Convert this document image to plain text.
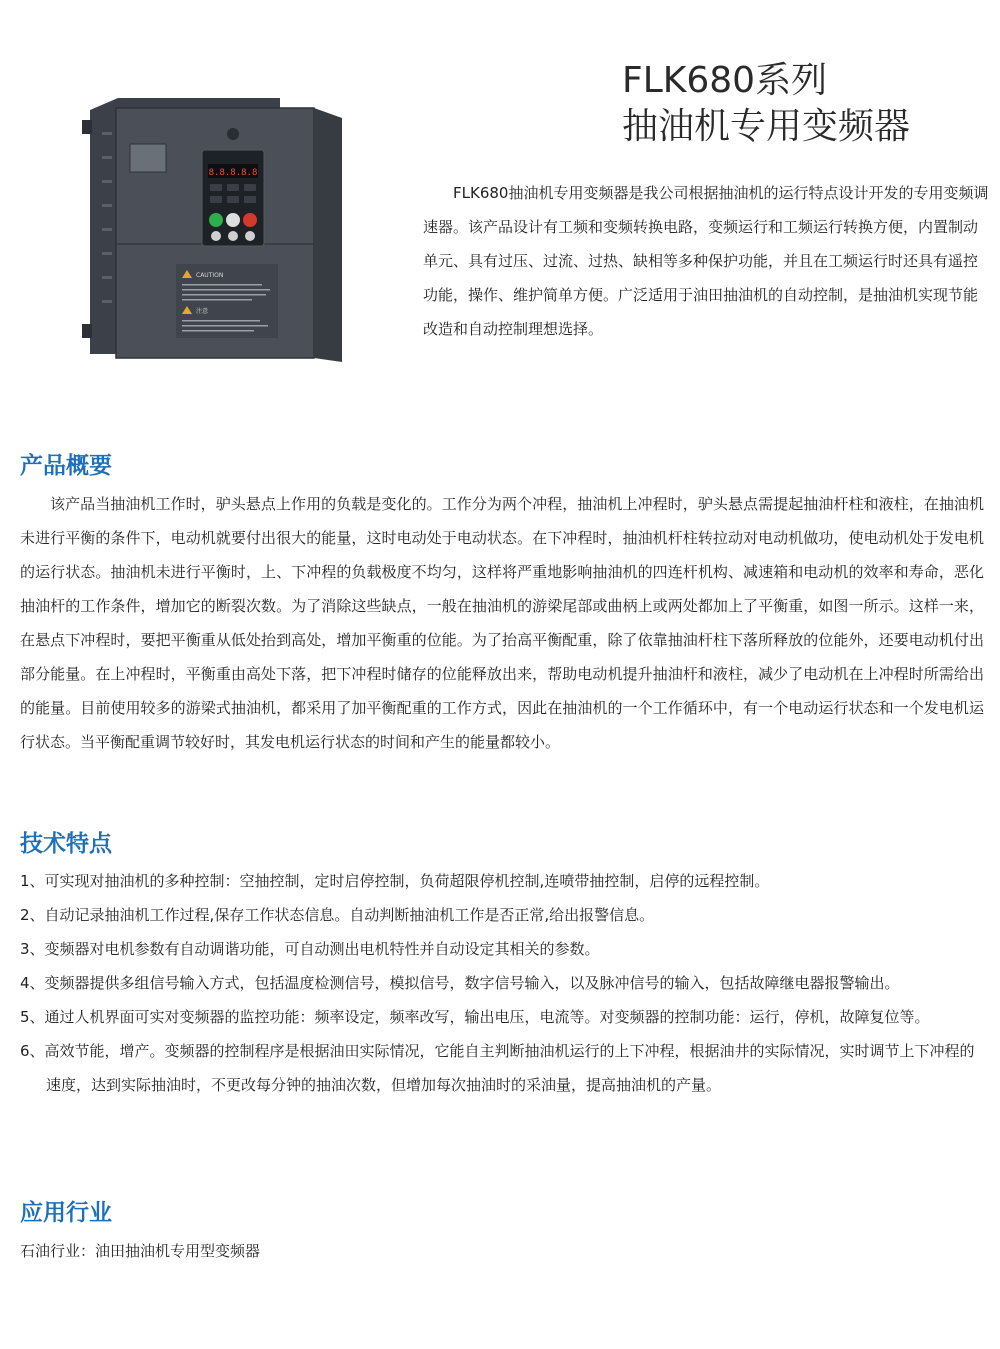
8.8.8.8.8
CAUTION
注意
FLK680系列
抽油机专用变频器

FLK680抽油机专用变频器是我公司根据抽油机的运行特点设计开发的专用变频调速器。该产品设计有工频和变频转换电路，变频运行和工频运行转换方便，内置制动单元、具有过压、过流、过热、缺相等多种保护功能，并且在工频运行时还具有遥控功能，操作、维护简单方便。广泛适用于油田抽油机的自动控制，是抽油机实现节能改造和自动控制理想选择。

产品概要

该产品当抽油机工作时，驴头悬点上作用的负载是变化的。工作分为两个冲程，抽油机上冲程时，驴头悬点需提起抽油杆柱和液柱，在抽油机未进行平衡的条件下，电动机就要付出很大的能量，这时电动处于电动状态。在下冲程时，抽油机杆柱转拉动对电动机做功，使电动机处于发电机的运行状态。抽油机未进行平衡时，上、下冲程的负载极度不均匀，这样将严重地影响抽油机的四连杆机构、减速箱和电动机的效率和寿命，恶化抽油杆的工作条件，增加它的断裂次数。为了消除这些缺点，一般在抽油机的游梁尾部或曲柄上或两处都加上了平衡重，如图一所示。这样一来，在悬点下冲程时，要把平衡重从低处抬到高处，增加平衡重的位能。为了抬高平衡配重，除了依靠抽油杆柱下落所释放的位能外，还要电动机付出部分能量。在上冲程时，平衡重由高处下落，把下冲程时储存的位能释放出来，帮助电动机提升抽油杆和液柱，减少了电动机在上冲程时所需给出的能量。目前使用较多的游梁式抽油机，都采用了加平衡配重的工作方式，因此在抽油机的一个工作循环中，有一个电动运行状态和一个发电机运行状态。当平衡配重调节较好时，其发电机运行状态的时间和产生的能量都较小。

技术特点
1、可实现对抽油机的多种控制：空抽控制，定时启停控制，负荷超限停机控制,连喷带抽控制，启停的远程控制。
2、自动记录抽油机工作过程,保存工作状态信息。自动判断抽油机工作是否正常,给出报警信息。
3、变频器对电机参数有自动调谐功能，可自动测出电机特性并自动设定其相关的参数。
4、变频器提供多组信号输入方式，包括温度检测信号，模拟信号，数字信号输入，以及脉冲信号的输入，包括故障继电器报警输出。
5、通过人机界面可实对变频器的监控功能：频率设定，频率改写，输出电压，电流等。对变频器的控制功能：运行，停机，故障复位等。
6、高效节能，增产。变频器的控制程序是根据油田实际情况，它能自主判断抽油机运行的上下冲程，根据油井的实际情况，实时调节上下冲程的速度，达到实际抽油时，不更改每分钟的抽油次数，但增加每次抽油时的采油量，提高抽油机的产量。
应用行业

石油行业：油田抽油机专用型变频器
